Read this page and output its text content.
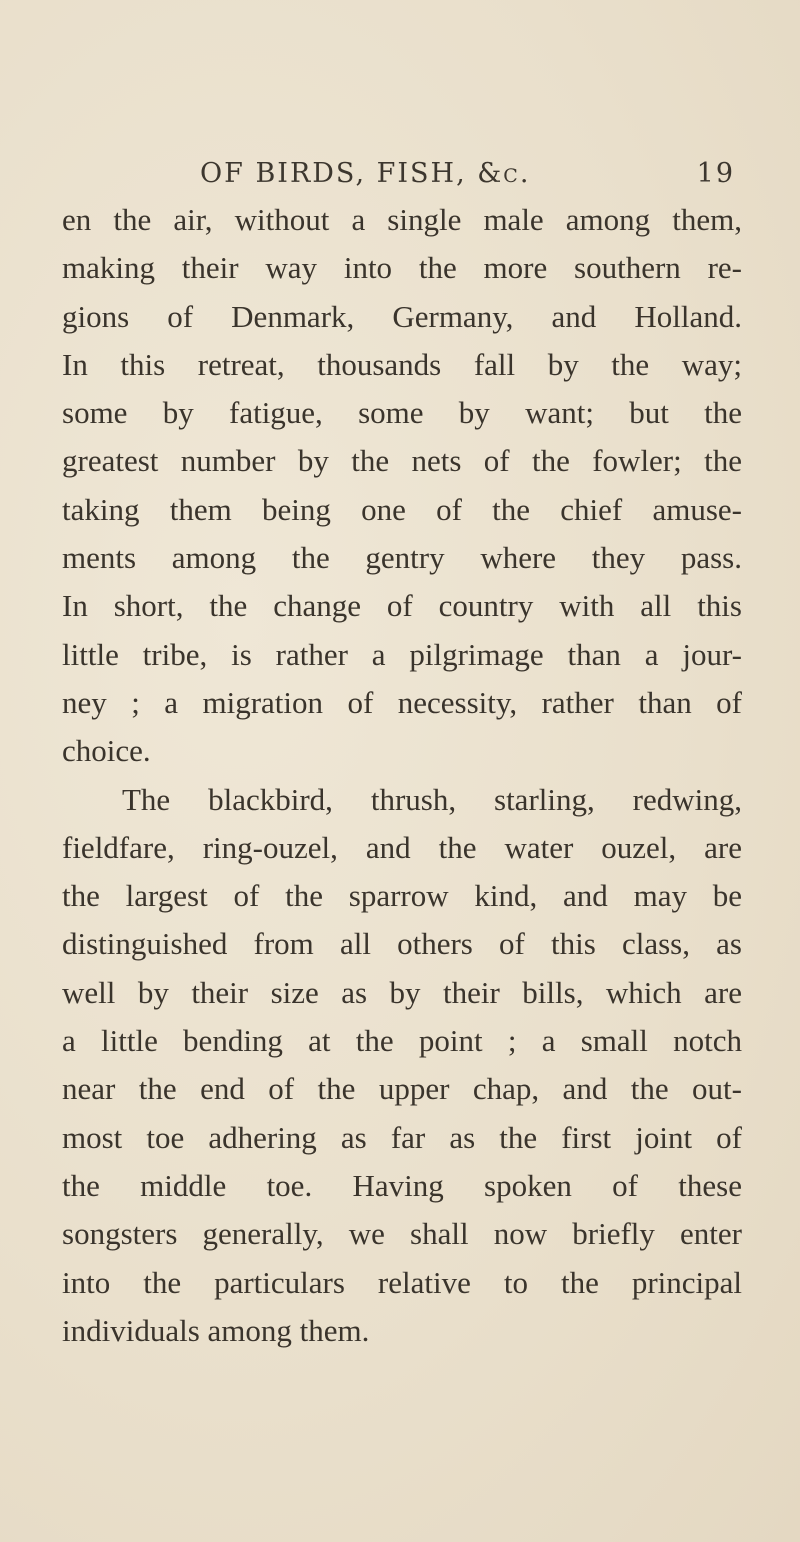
OF BIRDS, FISH, &c.	19
en the air, without a single male among them,
making their way into the more southern re-
gions of Denmark, Germany, and Holland.
In this retreat, thousands fall by the way;
some by fatigue, some by want; but the
greatest number by the nets of the fowler; the
taking them being one of the chief amuse-
ments among the gentry where they pass.
In short, the change of country with all this
little tribe, is rather a pilgrimage than a jour-
ney ; a migration of necessity, rather than of
choice.
The blackbird, thrush, starling, redwing,
fieldfare, ring-ouzel, and the water ouzel, are
the largest of the sparrow kind, and may be
distinguished from all others of this class, as
well by their size as by their bills, which are
a little bending at the point ; a small notch
near the end of the upper chap, and the out-
most toe adhering as far as the first joint of
the middle toe. Having spoken of these
songsters generally, we shall now briefly enter
into the particulars relative to the principal
individuals among them.
